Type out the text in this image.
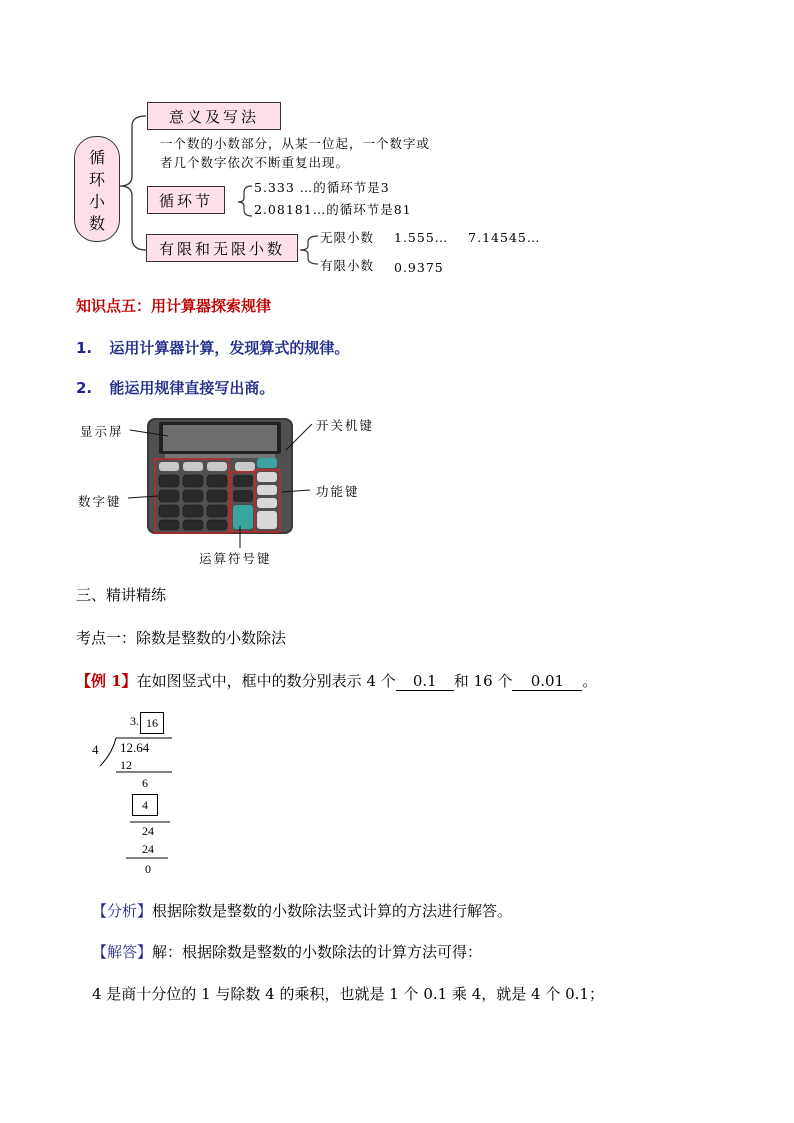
循
环
小
数
意义及写法
一个数的小数部分，从某一位起，一个数字或
者几个数字依次不断重复出现。
循环节
5.333 …的循环节是3
2.08181…的循环节是81
有限和无限小数
无限小数 1.555…    7.14545…
有限小数 0.9375
知识点五：用计算器探索规律
1. 运用计算器计算，发现算式的规律。
2. 能运用规律直接写出商。
显示屏	开关机键
功能键
数字键
运算符号键
三、精讲精练
考点一：除数是整数的小数除法
【例 1】在如图竖式中，框中的数分别表示 4 个 0.1 和 16 个 0.01 。
3. 16
4 12.64
12
6
4
24
24
0
【分析】根据除数是整数的小数除法竖式计算的方法进行解答。
【解答】解：根据除数是整数的小数除法的计算方法可得：
4 是商十分位的 1 与除数 4 的乘积，也就是 1 个 0.1 乘 4，就是 4 个 0.1；
